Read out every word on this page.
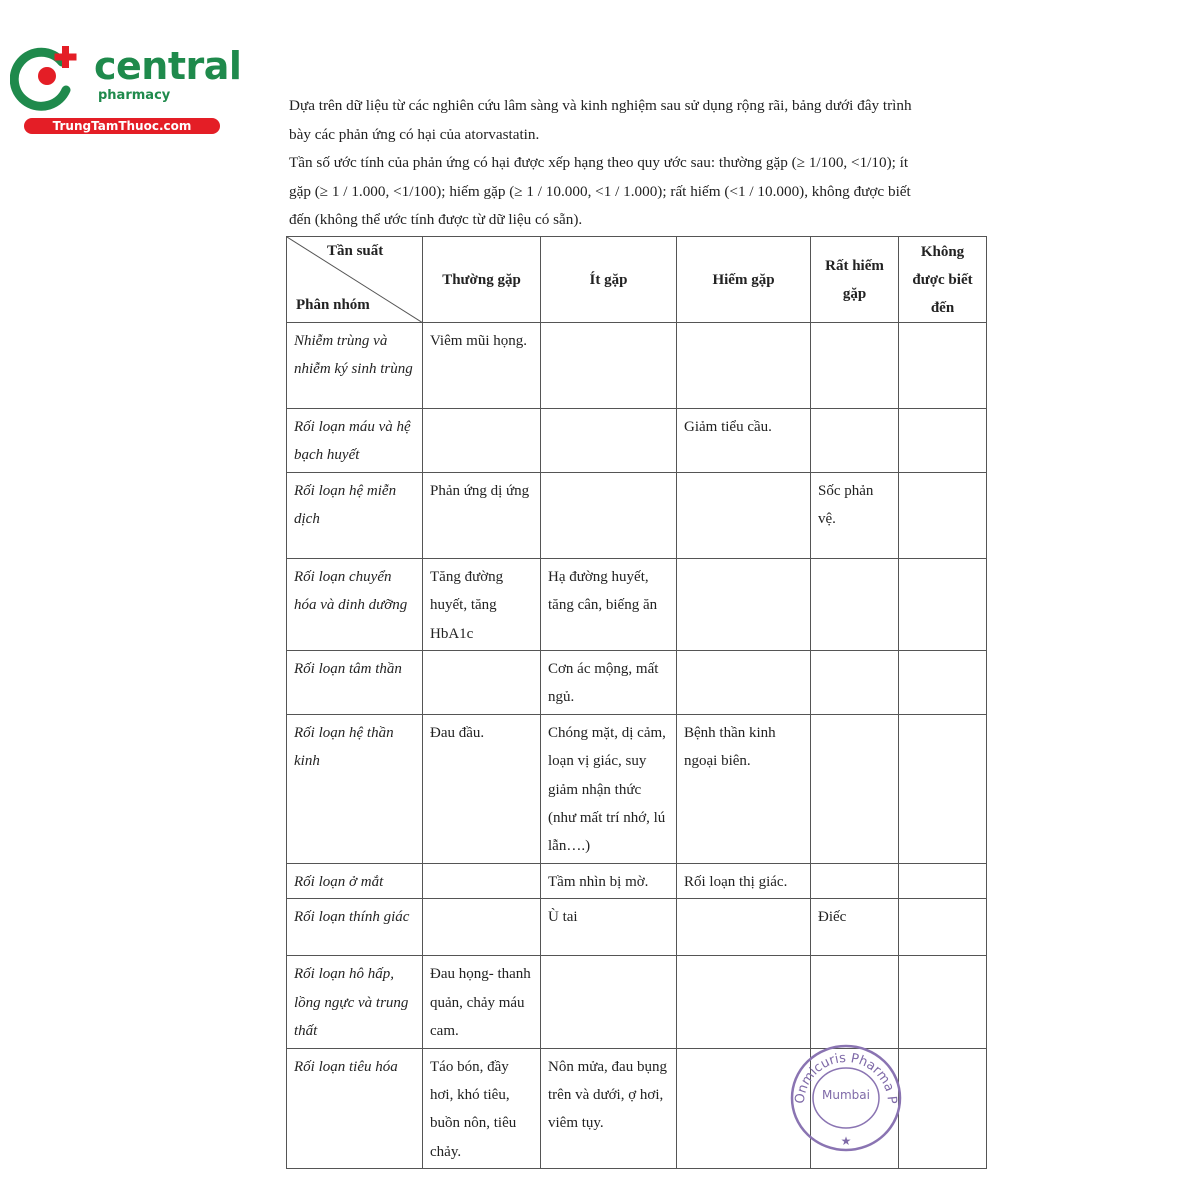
central
pharmacy
TrungTamThuoc.com

Dựa trên dữ liệu từ các nghiên cứu lâm sàng và kinh nghiệm sau sử dụng rộng rãi, bảng dưới đây trình bày các phản ứng có hại của atorvastatin.

Tần số ước tính của phản ứng có hại được xếp hạng theo quy ước sau: thường gặp (≥ 1/100, <1/10); ít gặp (≥ 1 / 1.000, <1/100); hiếm gặp (≥ 1 / 10.000, <1 / 1.000); rất hiếm (<1 / 10.000), không được biết đến (không thể ước tính được từ dữ liệu có sẵn).

Tần suất
Phân nhóm	Thường gặp	Ít gặp	Hiếm gặp	Rất hiếm gặp	Không được biết đến
Nhiễm trùng và nhiễm ký sinh trùng	Viêm mũi họng.				
Rối loạn máu và hệ bạch huyết			Giảm tiểu cầu.		
Rối loạn hệ miễn dịch	Phản ứng dị ứng			Sốc phản vệ.	
Rối loạn chuyển hóa và dinh dưỡng	Tăng đường huyết, tăng HbA1c	Hạ đường huyết, tăng cân, biếng ăn			
Rối loạn tâm thần		Cơn ác mộng, mất ngủ.			
Rối loạn hệ thần kinh	Đau đầu.	Chóng mặt, dị cảm, loạn vị giác, suy giảm nhận thức (như mất trí nhớ, lú lẫn….)	Bệnh thần kinh ngoại biên.		
Rối loạn ở mắt		Tầm nhìn bị mờ.	Rối loạn thị giác.		
Rối loạn thính giác		Ù tai		Điếc	
Rối loạn hô hấp, lồng ngực và trung thất	Đau họng- thanh quản, chảy máu cam.				
Rối loạn tiêu hóa	Táo bón, đầy hơi, khó tiêu, buồn nôn, tiêu chảy.	Nôn mửa, đau bụng trên và dưới, ợ hơi, viêm tụy.			
Onmicuris Pharma P
★
Mumbai
